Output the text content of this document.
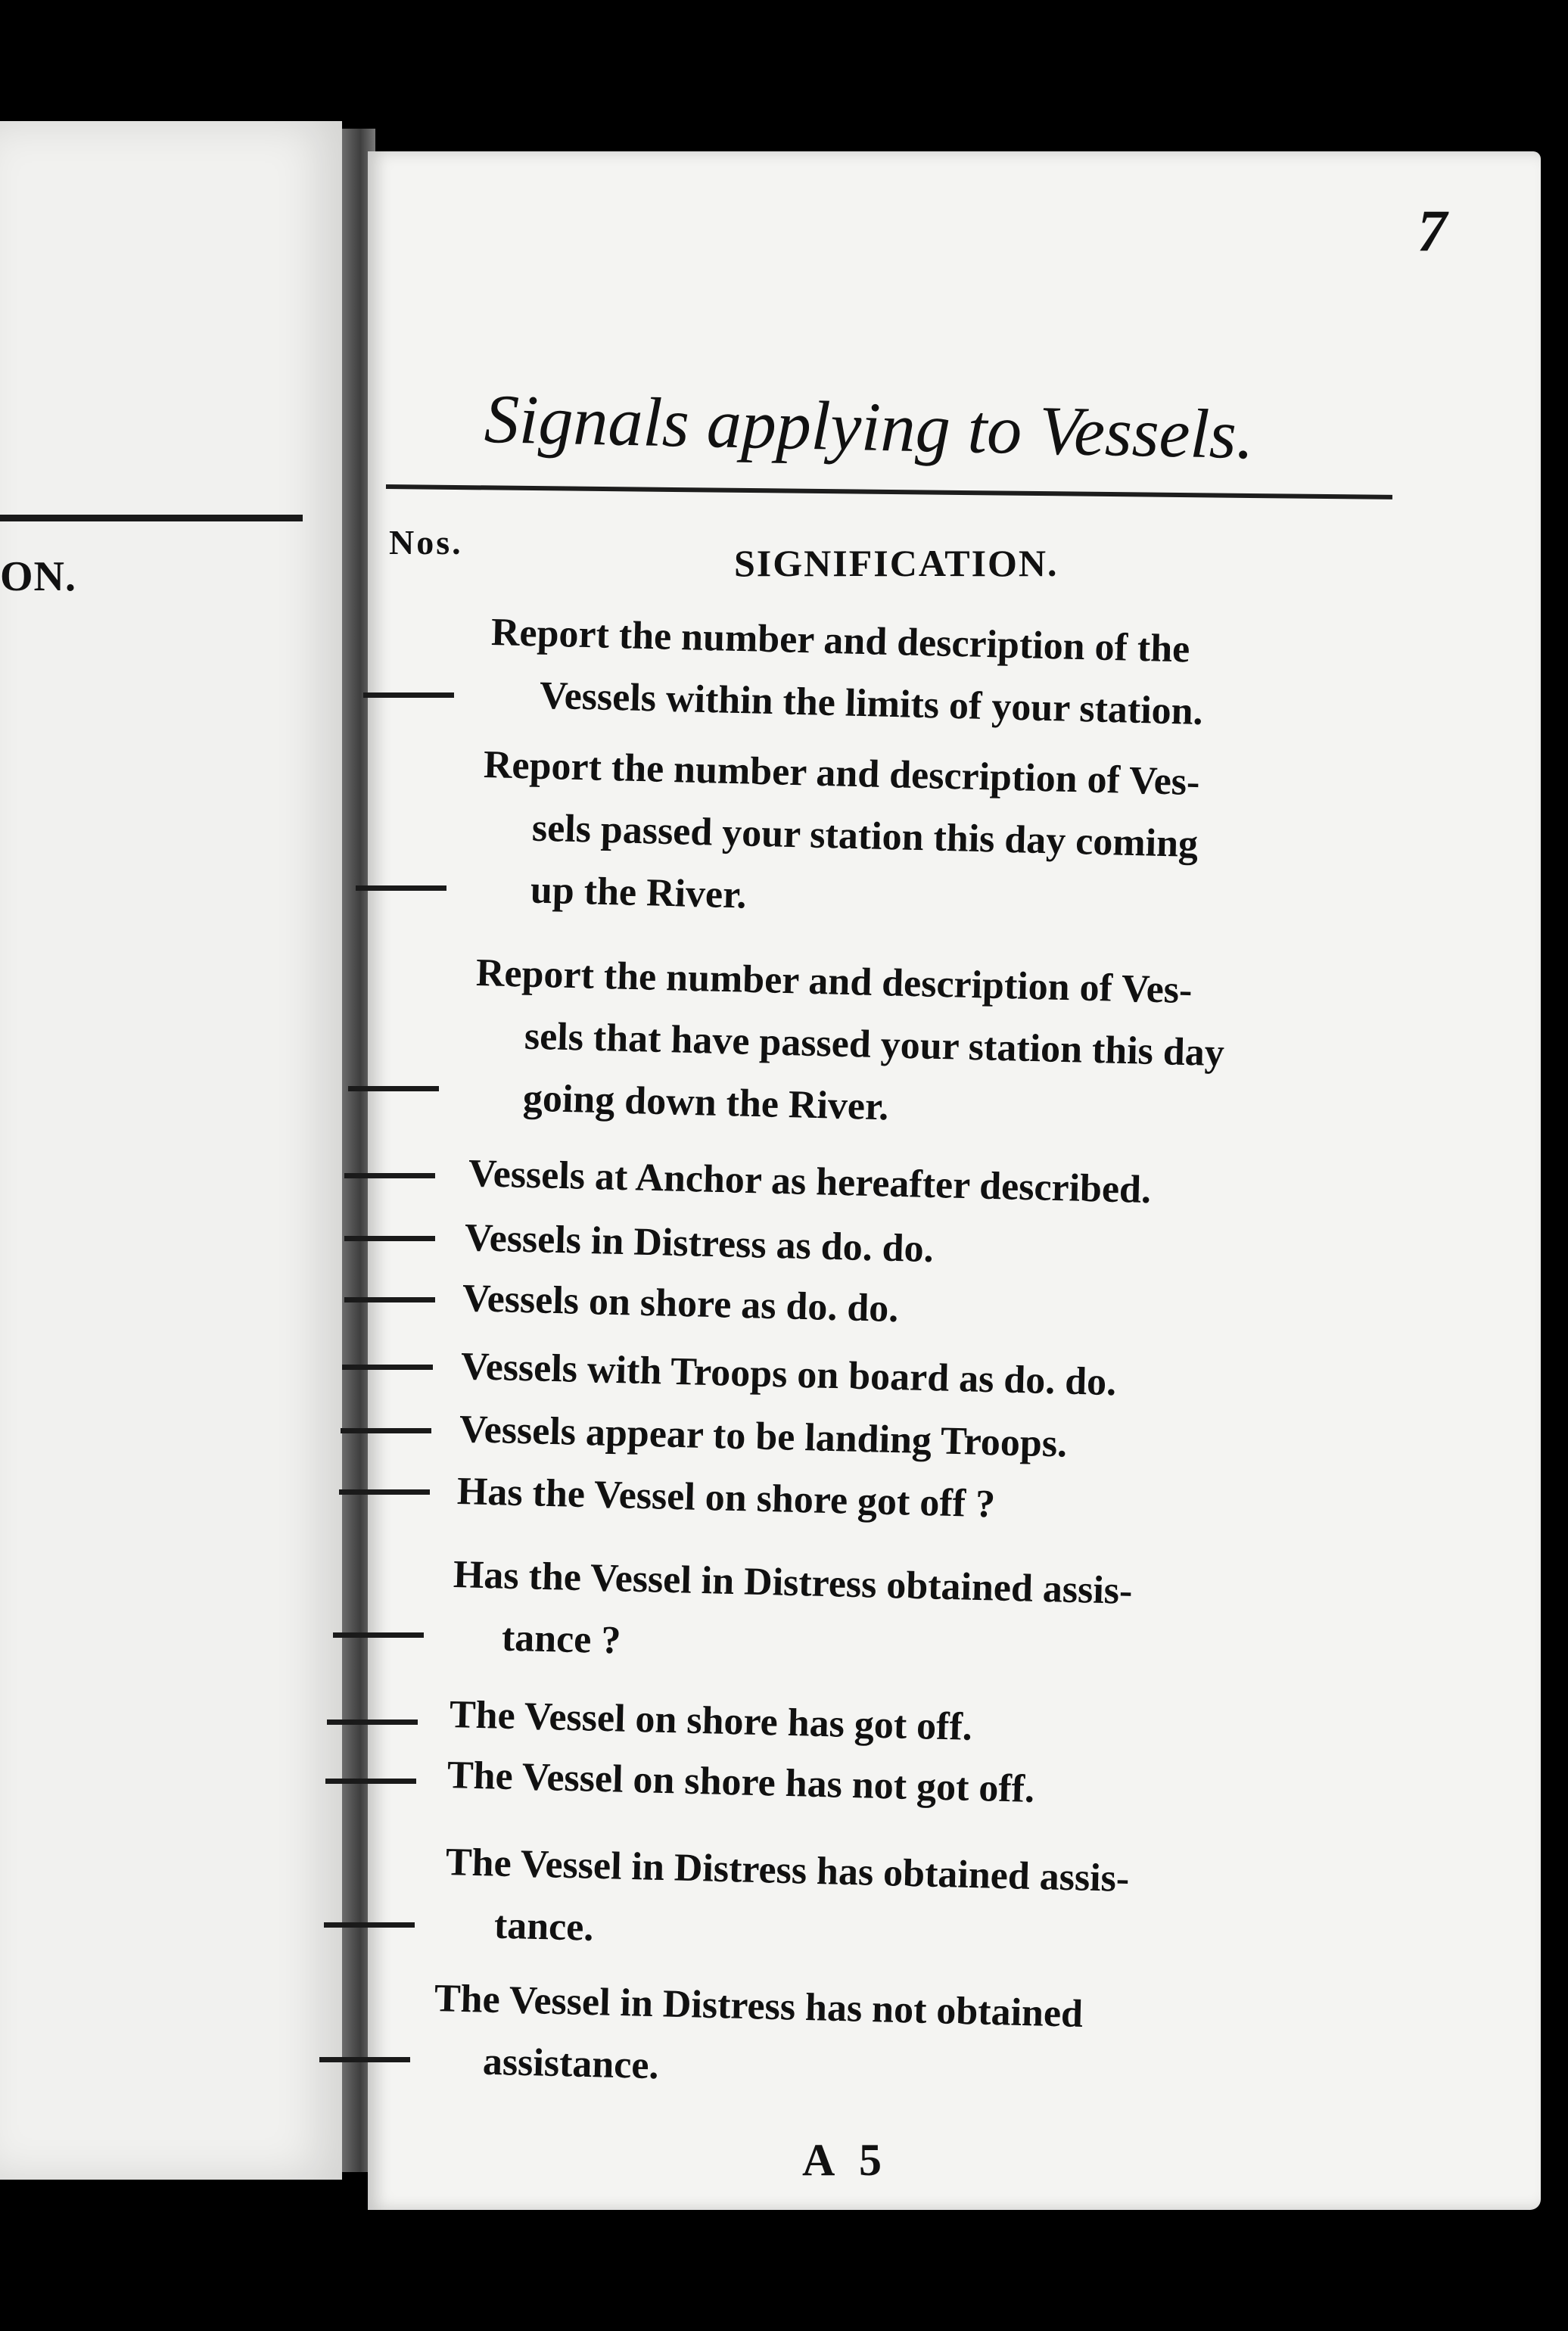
ON.
7
Signals applying to Vessels.
Nos.	SIGNIFICATION.
Report the number and description of the
Vessels within the limits of your station.
Report the number and description of Ves-
sels passed your station this day coming
up the River.
Report the number and description of Ves-
sels that have passed your station this day
going down the River.
Vessels at Anchor as hereafter described.
Vessels in Distress as do. do.
Vessels on shore as do. do.
Vessels with Troops on board as do. do.
Vessels appear to be landing Troops.
Has the Vessel on shore got off ?
Has the Vessel in Distress obtained assis-
tance ?
The Vessel on shore has got off.
The Vessel on shore has not got off.
The Vessel in Distress has obtained assis-
tance.
The Vessel in Distress has not obtained
assistance.
A 5
